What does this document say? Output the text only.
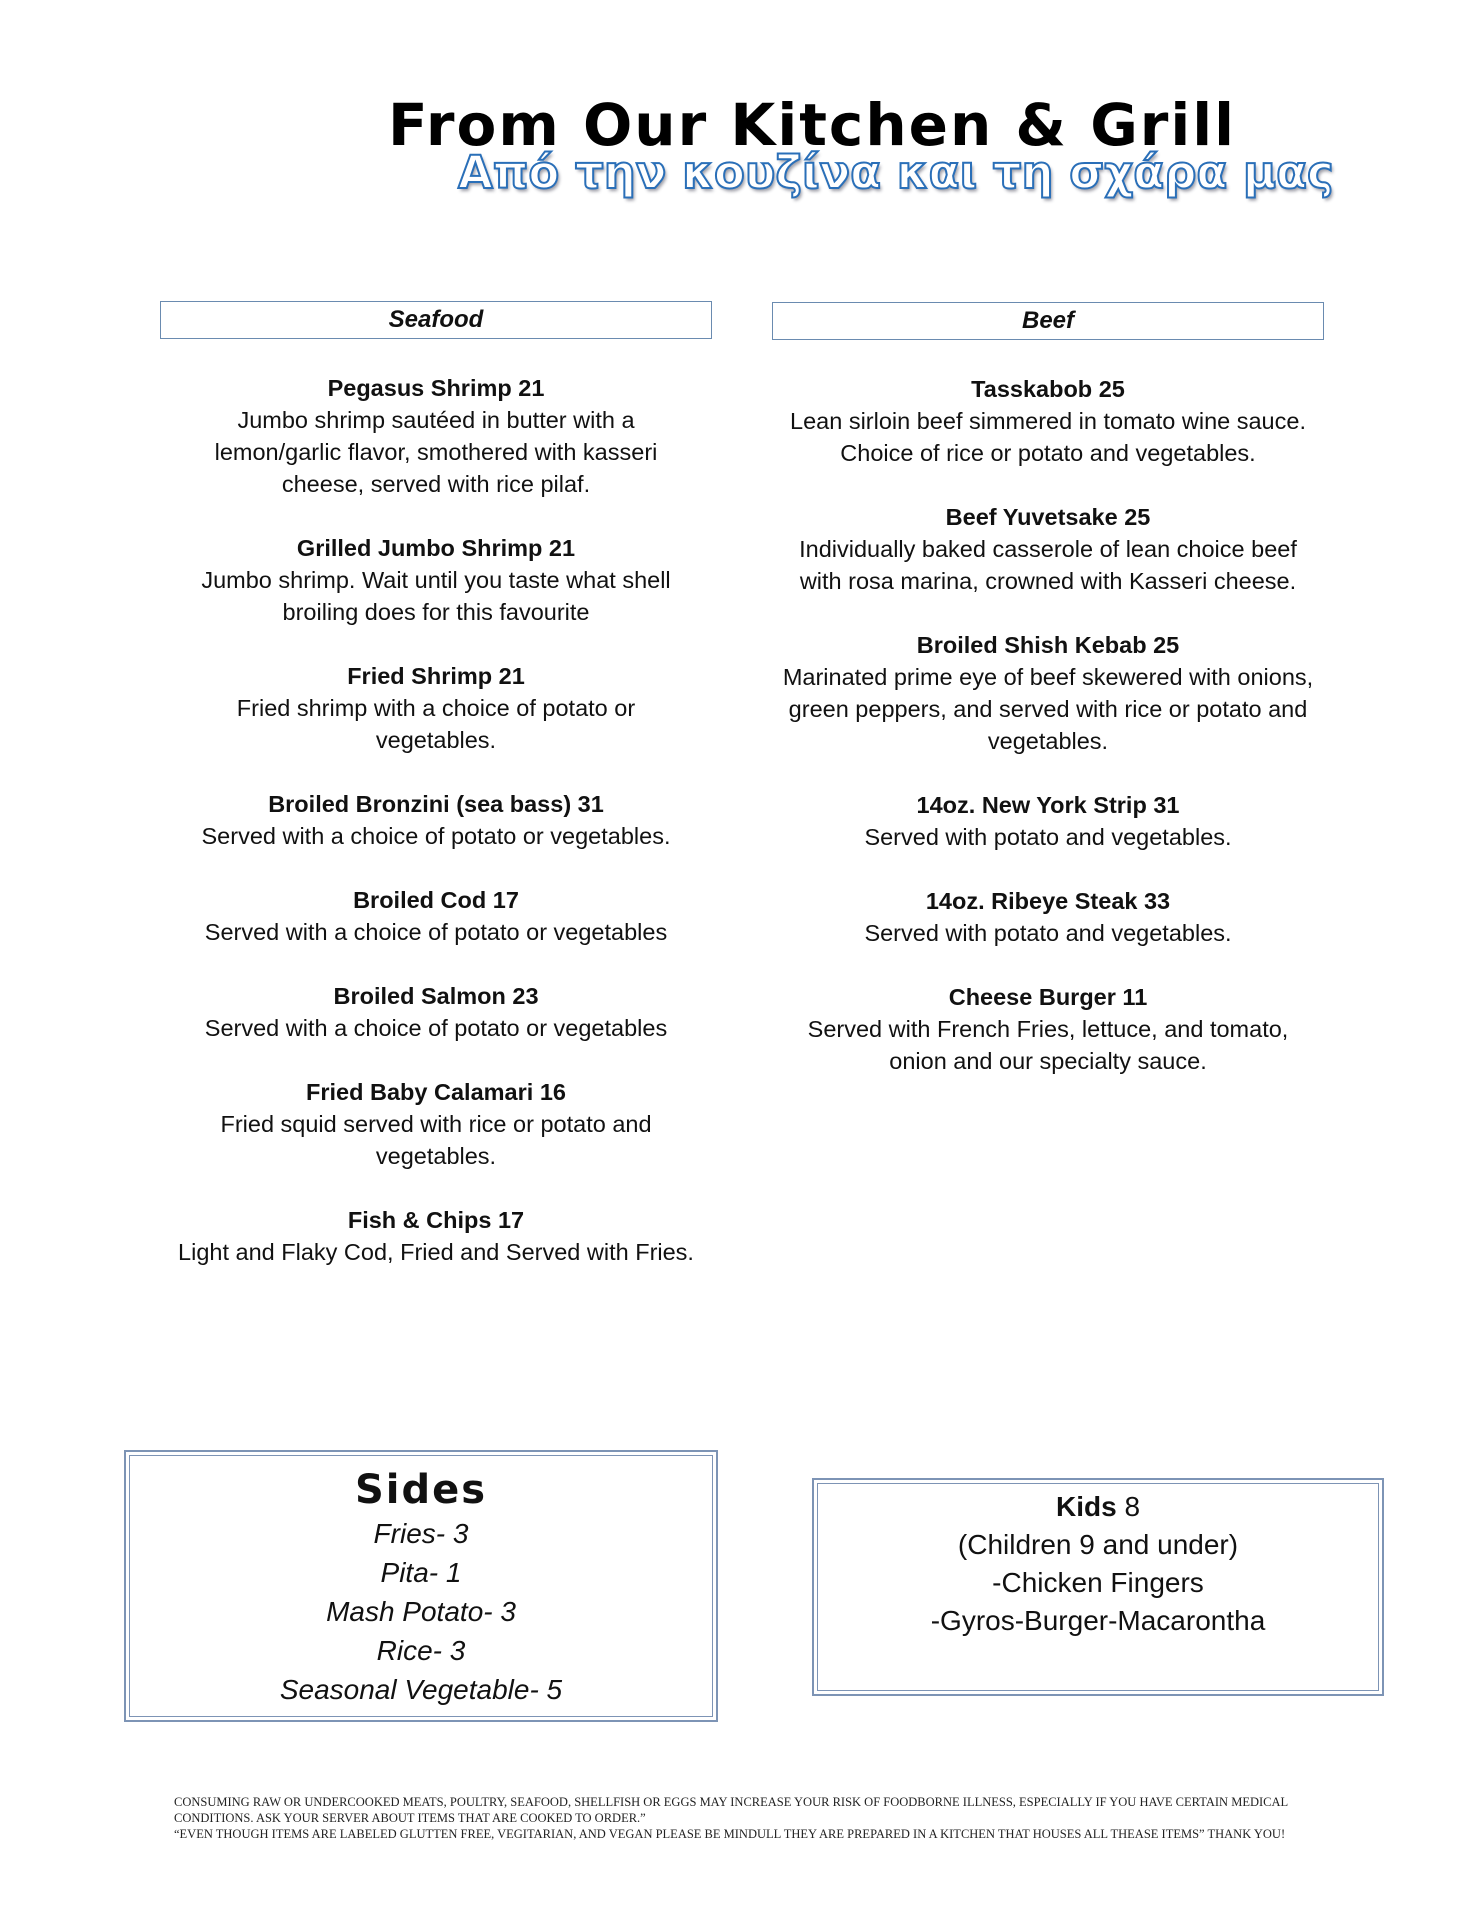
From Our Kitchen & Grill
Από την κουζίνα και τη σχάρα μας
Seafood
Pegasus Shrimp 21
Jumbo shrimp sautéed in butter with a lemon/garlic flavor, smothered with kasseri cheese, served with rice pilaf.
Grilled Jumbo Shrimp 21
Jumbo shrimp. Wait until you taste what shell broiling does for this favourite
Fried Shrimp 21
Fried shrimp with a choice of potato or vegetables.
Broiled Bronzini (sea bass) 31
Served with a choice of potato or vegetables.
Broiled Cod 17
Served with a choice of potato or vegetables
Broiled Salmon 23
Served with a choice of potato or vegetables
Fried Baby Calamari 16
Fried squid served with rice or potato and vegetables.
Fish & Chips 17
Light and Flaky Cod, Fried and Served with Fries.
Beef
Tasskabob 25
Lean sirloin beef simmered in tomato wine sauce. Choice of rice or potato and vegetables.
Beef Yuvetsake 25
Individually baked casserole of lean choice beef with rosa marina, crowned with Kasseri cheese.
Broiled Shish Kebab 25
Marinated prime eye of beef skewered with onions, green peppers, and served with rice or potato and vegetables.
14oz. New York Strip 31
Served with potato and vegetables.
14oz. Ribeye Steak 33
Served with potato and vegetables.
Cheese Burger 11
Served with French Fries, lettuce, and tomato, onion and our specialty sauce.
Sides
Fries- 3
Pita- 1
Mash Potato- 3
Rice- 3
Seasonal Vegetable- 5
Kids 8
(Children 9 and under)
-Chicken Fingers
-Gyros-Burger-Macarontha
CONSUMING RAW OR UNDERCOOKED MEATS, POULTRY, SEAFOOD, SHELLFISH OR EGGS MAY INCREASE YOUR RISK OF FOODBORNE ILLNESS, ESPECIALLY IF YOU HAVE CERTAIN MEDICAL CONDITIONS. ASK YOUR SERVER ABOUT ITEMS THAT ARE COOKED TO ORDER.”
“EVEN THOUGH ITEMS ARE LABELED GLUTTEN FREE, VEGITARIAN, AND VEGAN PLEASE BE MINDULL THEY ARE PREPARED IN A KITCHEN THAT HOUSES ALL THEASE ITEMS” THANK YOU!
